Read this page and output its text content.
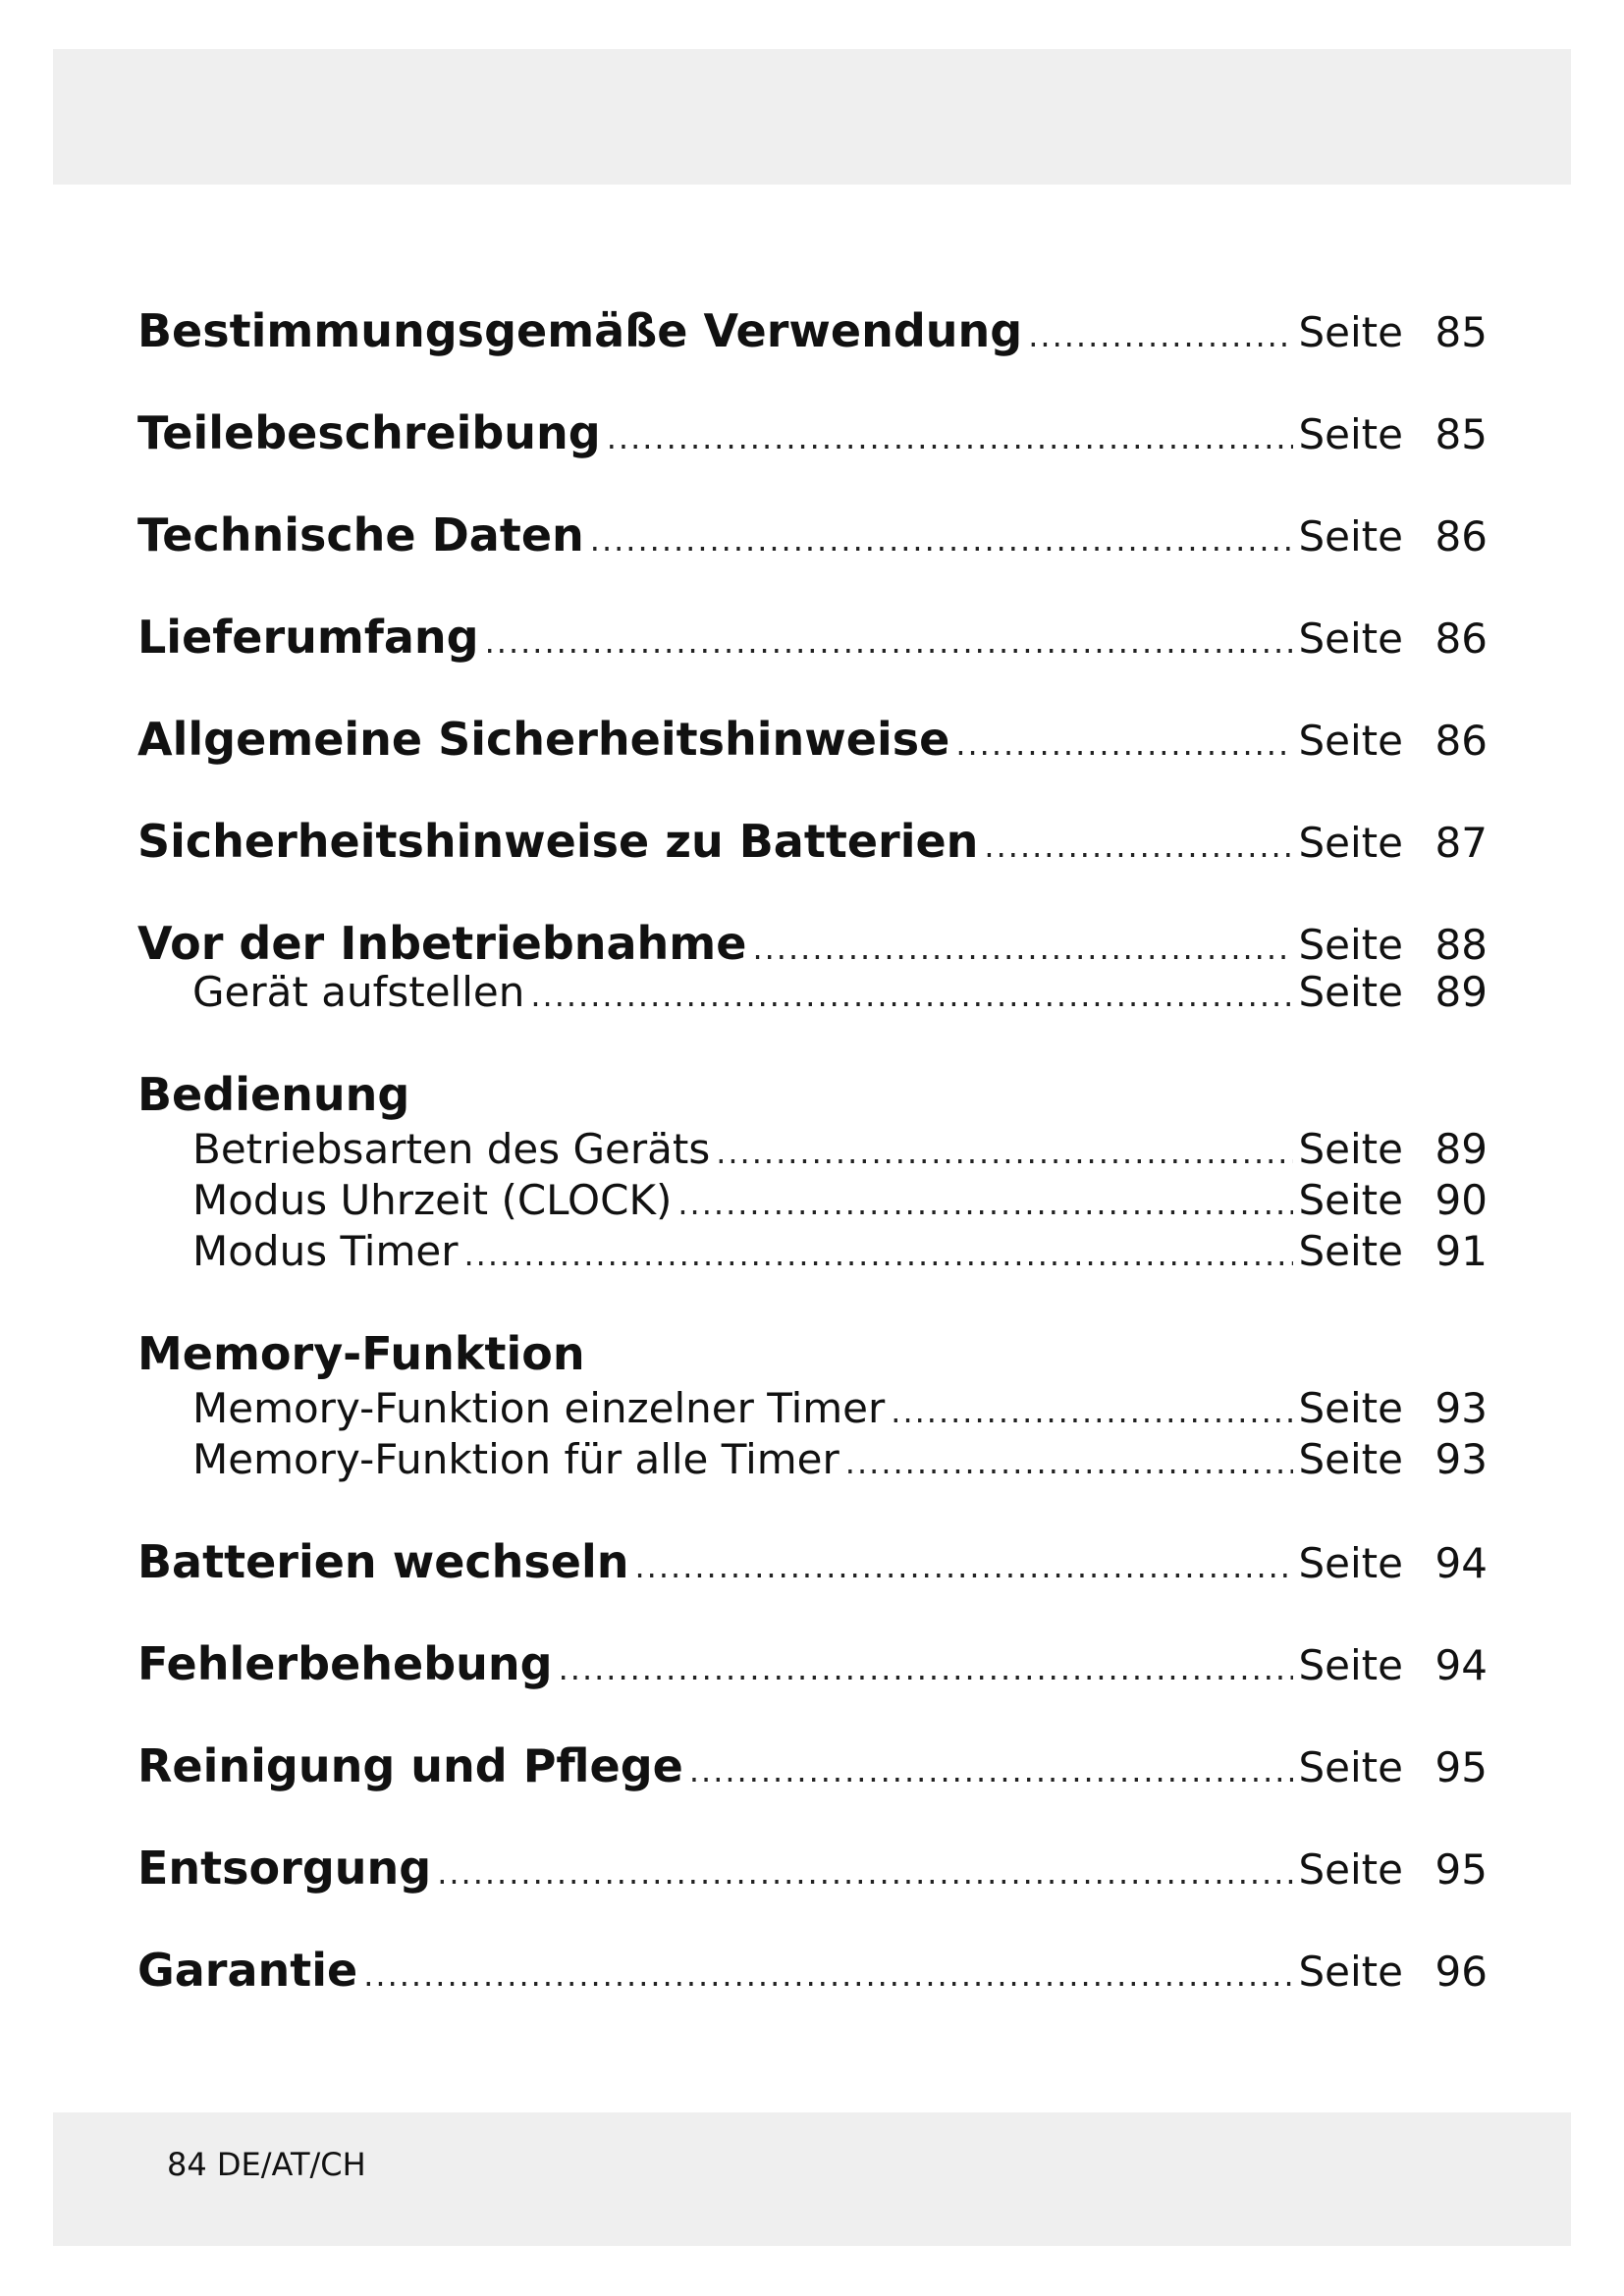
Bestimmungsgemäße Verwendung .....	Seite 85
Teilebeschreibung .....	Seite 85
Technische Daten .....	Seite 86
Lieferumfang .....	Seite 86
Allgemeine Sicherheitshinweise .....	Seite 86
Sicherheitshinweise zu Batterien .....	Seite 87
Vor der Inbetriebnahme .....	Seite 88
Gerät aufstellen .....	Seite 89
Bedienung
Betriebsarten des Geräts .....	Seite 89
Modus Uhrzeit (CLOCK) .....	Seite 90
Modus Timer .....	Seite 91
Memory-Funktion
Memory-Funktion einzelner Timer .....	Seite 93
Memory-Funktion für alle Timer .....	Seite 93
Batterien wechseln .....	Seite 94
Fehlerbehebung .....	Seite 94
Reinigung und Pflege .....	Seite 95
Entsorgung .....	Seite 95
Garantie .....	Seite 96
84 DE/AT/CH
